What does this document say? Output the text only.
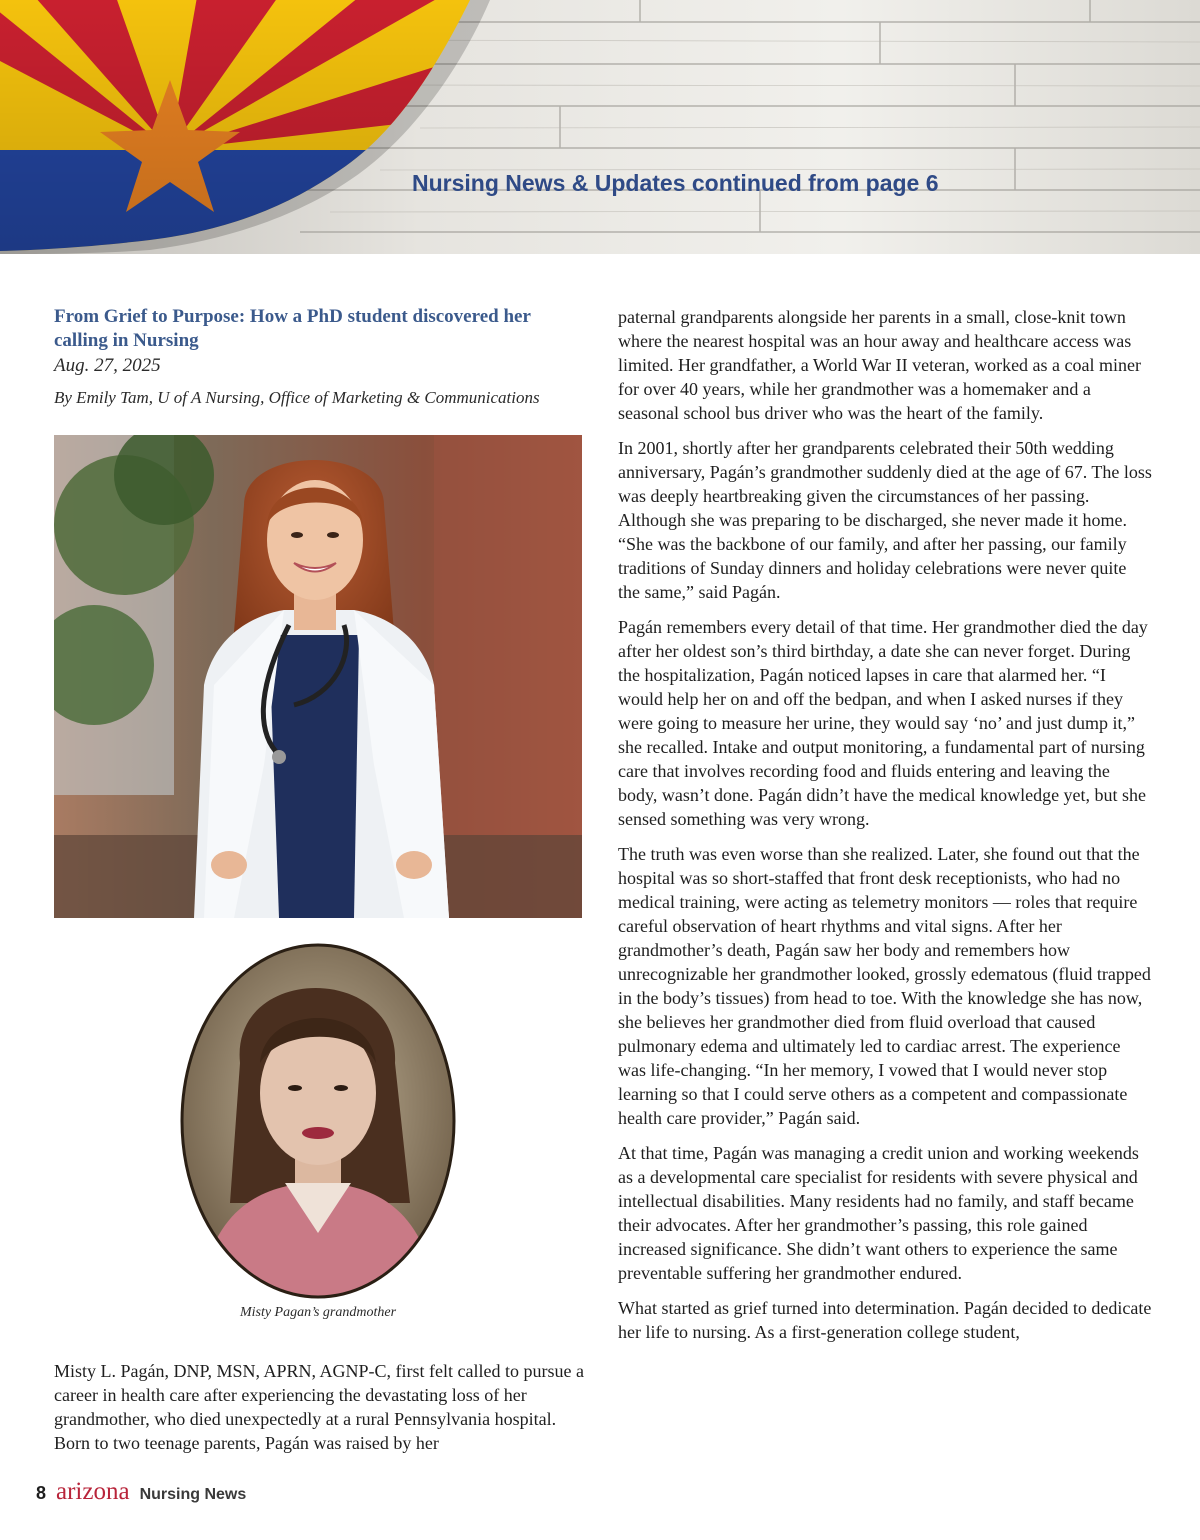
Nursing News & Updates continued from page 6
From Grief to Purpose: How a PhD student discovered her calling in Nursing
Aug. 27, 2025
By Emily Tam, U of A Nursing, Office of Marketing & Communications
Misty Pagan’s grandmother

Misty L. Pagán, DNP, MSN, APRN, AGNP-C, first felt called to pursue a career in health care after experiencing the devastating loss of her grandmother, who died unexpectedly at a rural Pennsylvania hospital. Born to two teenage parents, Pagán was raised by her

paternal grandparents alongside her parents in a small, close-knit town where the nearest hospital was an hour away and healthcare access was limited. Her grandfather, a World War II veteran, worked as a coal miner for over 40 years, while her grandmother was a homemaker and a seasonal school bus driver who was the heart of the family.

In 2001, shortly after her grandparents celebrated their 50th wedding anniversary, Pagán’s grandmother suddenly died at the age of 67. The loss was deeply heartbreaking given the circumstances of her passing. Although she was preparing to be discharged, she never made it home. “She was the backbone of our family, and after her passing, our family traditions of Sunday dinners and holiday celebrations were never quite the same,” said Pagán.

Pagán remembers every detail of that time. Her grandmother died the day after her oldest son’s third birthday, a date she can never forget. During the hospitalization, Pagán noticed lapses in care that alarmed her. “I would help her on and off the bedpan, and when I asked nurses if they were going to measure her urine, they would say ‘no’ and just dump it,” she recalled. Intake and output monitoring, a fundamental part of nursing care that involves recording food and fluids entering and leaving the body, wasn’t done. Pagán didn’t have the medical knowledge yet, but she sensed something was very wrong.

The truth was even worse than she realized. Later, she found out that the hospital was so short-staffed that front desk receptionists, who had no medical training, were acting as telemetry monitors — roles that require careful observation of heart rhythms and vital signs. After her grandmother’s death, Pagán saw her body and remembers how unrecognizable her grandmother looked, grossly edematous (fluid trapped in the body’s tissues) from head to toe. With the knowledge she has now, she believes her grandmother died from fluid overload that caused pulmonary edema and ultimately led to cardiac arrest. The experience was life-changing. “In her memory, I vowed that I would never stop learning so that I could serve others as a competent and compassionate health care provider,” Pagán said.

At that time, Pagán was managing a credit union and working weekends as a developmental care specialist for residents with severe physical and intellectual disabilities. Many residents had no family, and staff became their advocates. After her grandmother’s passing, this role gained increased significance. She didn’t want others to experience the same preventable suffering her grandmother endured.

What started as grief turned into determination. Pagán decided to dedicate her life to nursing. As a first-generation college student,

8 arizona Nursing News
